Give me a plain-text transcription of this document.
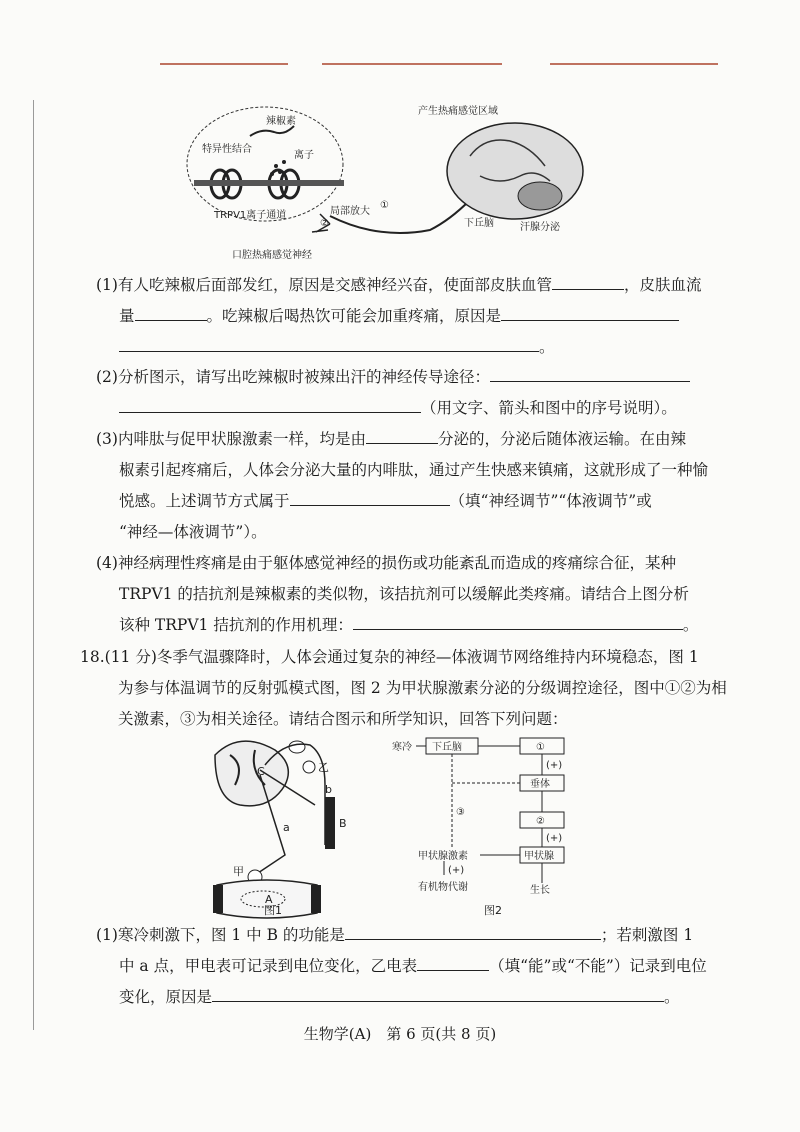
辣椒素
特异性结合
离子
TRPV1离子通道	局部放大
①
②
口腔热痛感觉神经
产生热痛感觉区域
下丘脑	汗腺分泌
(1)有人吃辣椒后面部发红，原因是交感神经兴奋，使面部皮肤血管	，皮肤血流
量	。吃辣椒后喝热饮可能会加重疼痛，原因是
。
(2)分析图示，请写出吃辣椒时被辣出汗的神经传导途径：
（用文字、箭头和图中的序号说明）。
(3)内啡肽与促甲状腺激素一样，均是由	分泌的，分泌后随体液运输。在由辣
椒素引起疼痛后，人体会分泌大量的内啡肽，通过产生快感来镇痛，这就形成了一种愉
悦感。上述调节方式属于	（填“神经调节”“体液调节”或
“神经—体液调节”）。
(4)神经病理性疼痛是由于躯体感觉神经的损伤或功能紊乱而造成的疼痛综合征，某种
TRPV1 的拮抗剂是辣椒素的类似物，该拮抗剂可以缓解此类疼痛。请结合上图分析
该种 TRPV1 拮抗剂的作用机理：	。
18.(11 分)冬季气温骤降时，人体会通过复杂的神经—体液调节网络维持内环境稳态，图 1
为参与体温调节的反射弧模式图，图 2 为甲状腺激素分泌的分级调控途径，图中①②为相
关激素，③为相关途径。请结合图示和所学知识，回答下列问题：
C	乙
b
a	B
甲
A
图1
寒冷 下丘脑	①
(+)
垂体
③
②
(+)
甲状腺激素	甲状腺
(+)
有机物代谢	生长
图2
(1)寒冷刺激下，图 1 中 B 的功能是	；若刺激图 1
中 a 点，甲电表可记录到电位变化，乙电表	（填“能”或“不能”）记录到电位
变化，原因是	。
生物学(A)　第 6 页(共 8 页)
